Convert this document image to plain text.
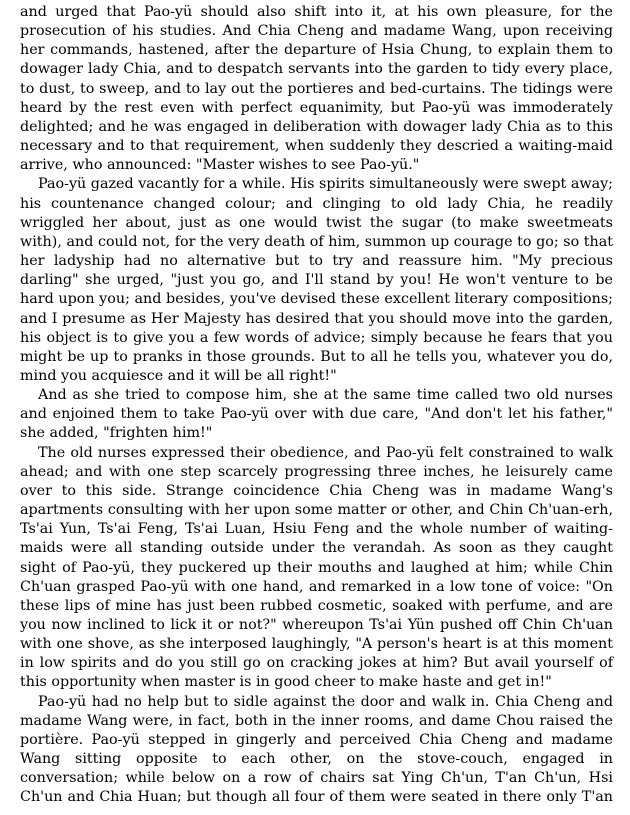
and urged that Pao-yü should also shift into it, at his own pleasure, for the prosecution of his studies. And Chia Cheng and madame Wang, upon receiving her commands, hastened, after the departure of Hsia Chung, to explain them to dowager lady Chia, and to despatch servants into the garden to tidy every place, to dust, to sweep, and to lay out the portieres and bed-curtains. The tidings were heard by the rest even with perfect equanimity, but Pao-yü was immoderately delighted; and he was engaged in deliberation with dowager lady Chia as to this necessary and to that requirement, when suddenly they descried a waiting-maid arrive, who announced: "Master wishes to see Pao-yü."

Pao-yü gazed vacantly for a while. His spirits simultaneously were swept away; his countenance changed colour; and clinging to old lady Chia, he readily wriggled her about, just as one would twist the sugar (to make sweetmeats with), and could not, for the very death of him, summon up courage to go; so that her ladyship had no alternative but to try and reassure him. "My precious darling" she urged, "just you go, and I'll stand by you! He won't venture to be hard upon you; and besides, you've devised these excellent literary compositions; and I presume as Her Majesty has desired that you should move into the garden, his object is to give you a few words of advice; simply because he fears that you might be up to pranks in those grounds. But to all he tells you, whatever you do, mind you acquiesce and it will be all right!"

And as she tried to compose him, she at the same time called two old nurses and enjoined them to take Pao-yü over with due care, "And don't let his father," she added, "frighten him!"

The old nurses expressed their obedience, and Pao-yü felt constrained to walk ahead; and with one step scarcely progressing three inches, he leisurely came over to this side. Strange coincidence Chia Cheng was in madame Wang's apartments consulting with her upon some matter or other, and Chin Ch'uan-erh, Ts'ai Yun, Ts'ai Feng, Ts'ai Luan, Hsiu Feng and the whole number of waiting-maids were all standing outside under the verandah. As soon as they caught sight of Pao-yü, they puckered up their mouths and laughed at him; while Chin Ch'uan grasped Pao-yü with one hand, and remarked in a low tone of voice: "On these lips of mine has just been rubbed cosmetic, soaked with perfume, and are you now inclined to lick it or not?" whereupon Ts'ai Yün pushed off Chin Ch'uan with one shove, as she interposed laughingly, "A person's heart is at this moment in low spirits and do you still go on cracking jokes at him? But avail yourself of this opportunity when master is in good cheer to make haste and get in!"

Pao-yü had no help but to sidle against the door and walk in. Chia Cheng and madame Wang were, in fact, both in the inner rooms, and dame Chou raised the portière. Pao-yü stepped in gingerly and perceived Chia Cheng and madame Wang sitting opposite to each other, on the stove-couch, engaged in conversation; while below on a row of chairs sat Ying Ch'un, T'an Ch'un, Hsi Ch'un and Chia Huan; but though all four of them were seated in there only T'an
